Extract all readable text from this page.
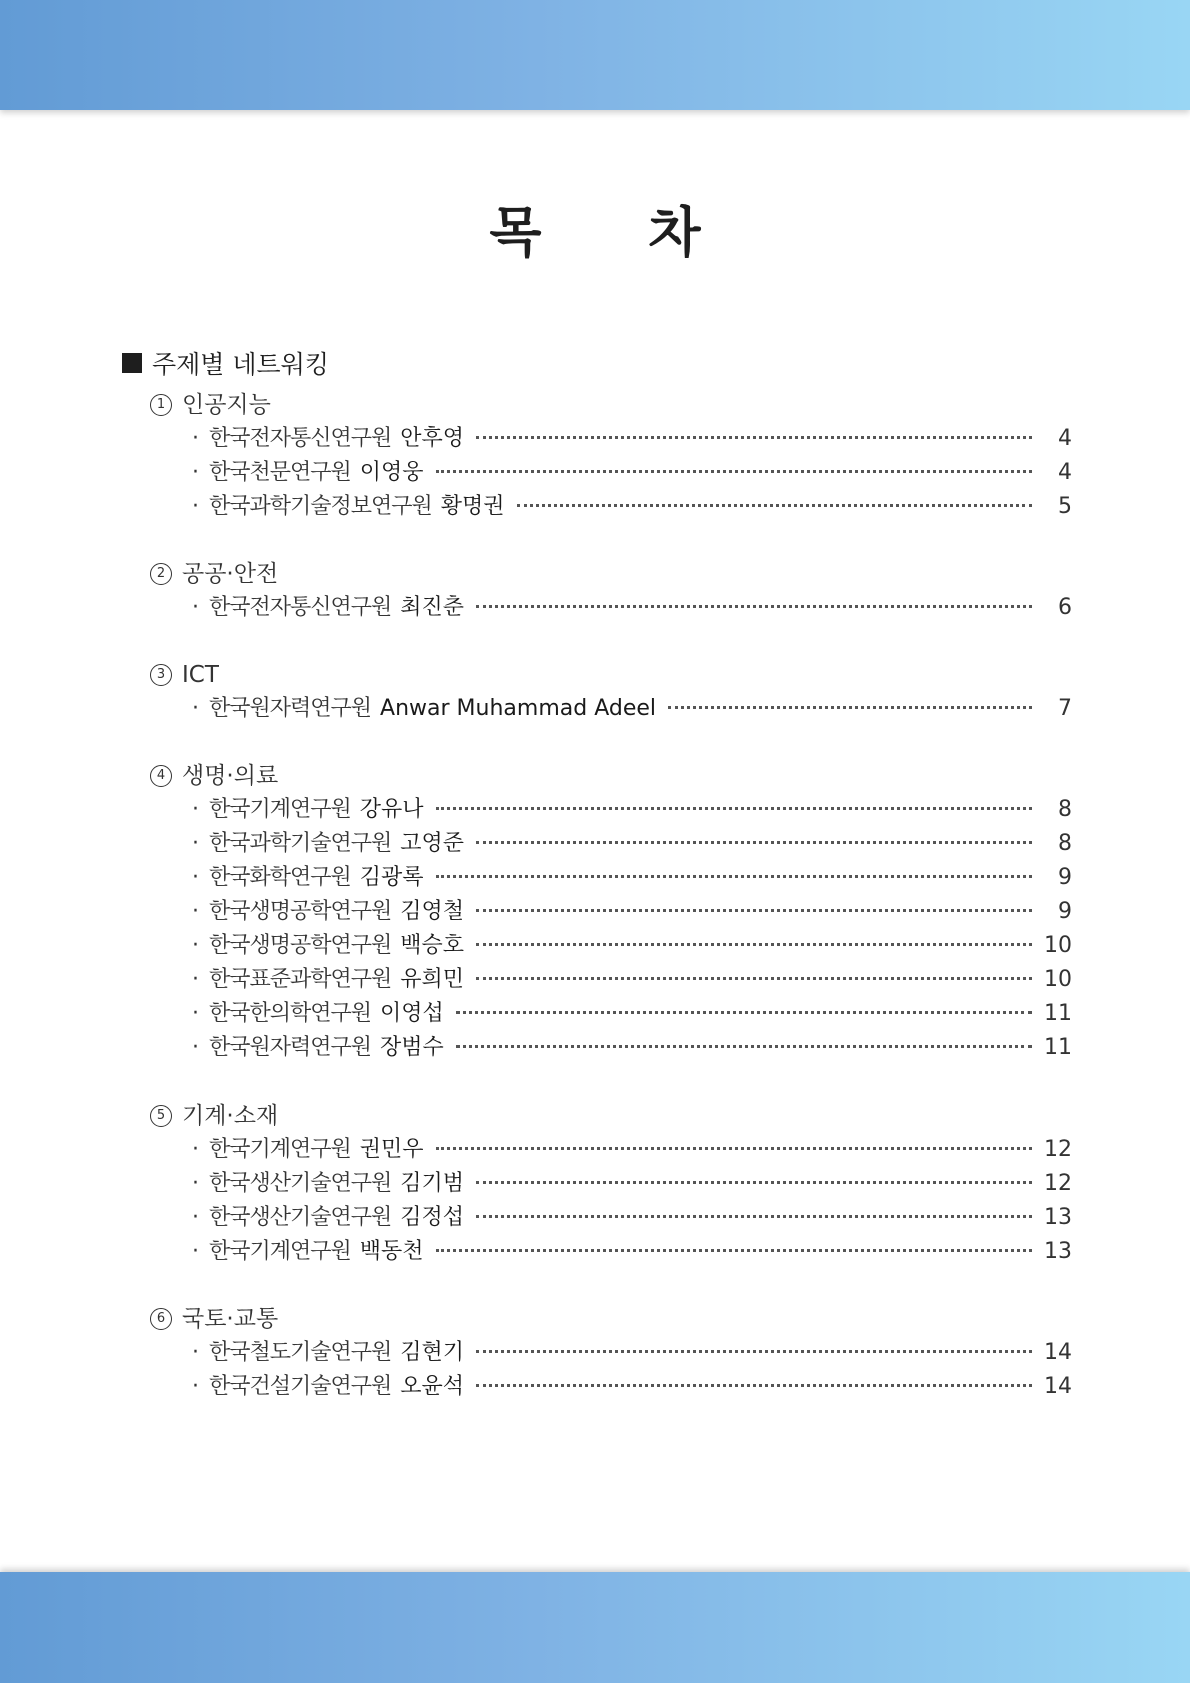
목 차
주제별 네트워킹
1 인공지능
· 한국전자통신연구원 안후영	4
· 한국천문연구원 이영웅	4
· 한국과학기술정보연구원 황명권	5
2 공공·안전
· 한국전자통신연구원 최진춘	6
3 ICT
· 한국원자력연구원 Anwar Muhammad Adeel	7
4 생명·의료
· 한국기계연구원 강유나	8
· 한국과학기술연구원 고영준	8
· 한국화학연구원 김광록	9
· 한국생명공학연구원 김영철	9
· 한국생명공학연구원 백승호	10
· 한국표준과학연구원 유희민	10
· 한국한의학연구원 이영섭	11
· 한국원자력연구원 장범수	11
5 기계·소재
· 한국기계연구원 권민우	12
· 한국생산기술연구원 김기범	12
· 한국생산기술연구원 김정섭	13
· 한국기계연구원 백동천	13
6 국토·교통
· 한국철도기술연구원 김현기	14
· 한국건설기술연구원 오윤석	14
